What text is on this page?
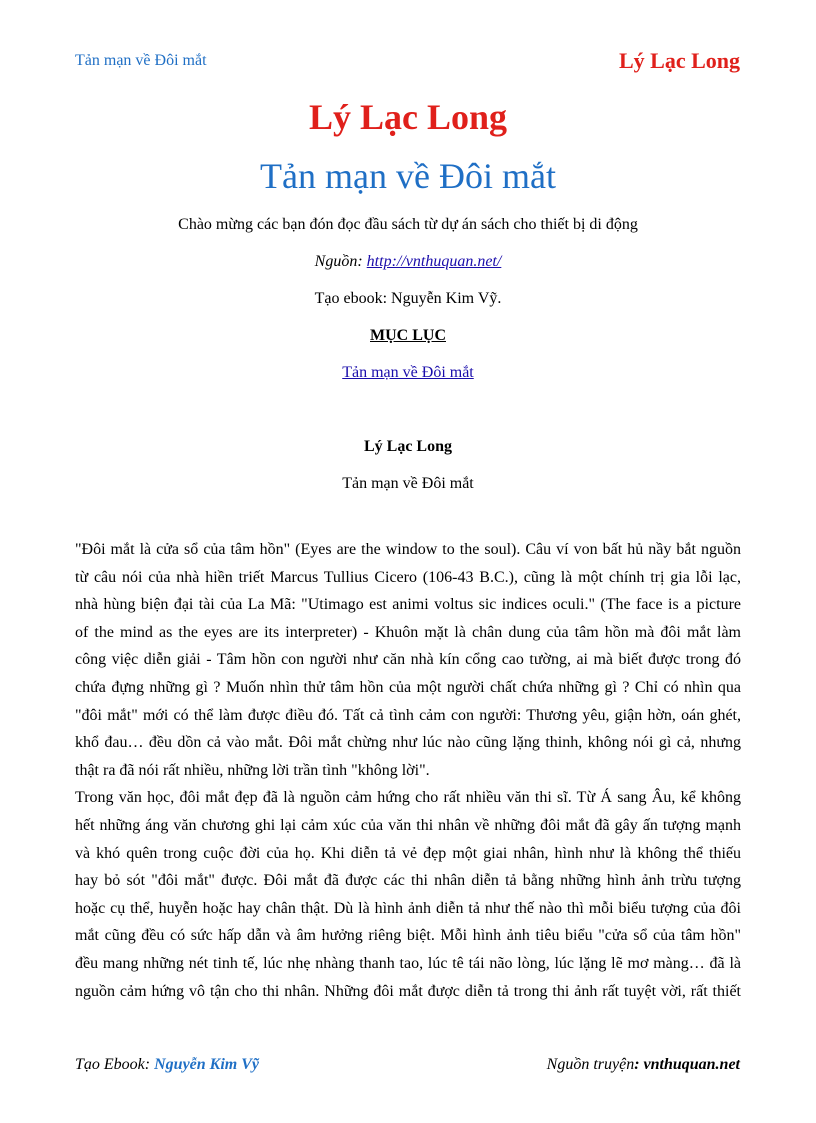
Tản mạn về Đôi mắt	Lý Lạc Long
Lý Lạc Long
Tản mạn về Đôi mắt
Chào mừng các bạn đón đọc đầu sách từ dự án sách cho thiết bị di động
Nguồn: http://vnthuquan.net/
Tạo ebook: Nguyễn Kim Vỹ.
MỤC LỤC
Tản mạn về Đôi mắt
Lý Lạc Long
Tản mạn về Đôi mắt

"Đôi mắt là cửa sổ của tâm hồn" (Eyes are the window to the soul). Câu ví von bất hủ nầy bắt nguồn
từ câu nói của nhà hiền triết Marcus Tullius Cicero (106-43 B.C.), cũng là một chính trị gia lỗi lạc,
nhà hùng biện đại tài của La Mã: "Utimago est animi voltus sic indices oculi." (The face is a picture
of the mind as the eyes are its interpreter) - Khuôn mặt là chân dung của tâm hồn mà đôi mắt làm
công việc diễn giải - Tâm hồn con người như căn nhà kín cổng cao tường, ai mà biết được trong đó
chứa đựng những gì ? Muốn nhìn thử tâm hồn của một người chất chứa những gì ? Chỉ có nhìn qua
"đôi mắt" mới có thể làm được điều đó. Tất cả tình cảm con người: Thương yêu, giận hờn, oán ghét,
khổ đau… đều dồn cả vào mắt. Đôi mắt chừng như lúc nào cũng lặng thinh, không nói gì cả, nhưng
thật ra đã nói rất nhiều, những lời trần tình "không lời".

Trong văn học, đôi mắt đẹp đã là nguồn cảm hứng cho rất nhiều văn thi sĩ. Từ Á sang Âu, kể không
hết những áng văn chương ghi lại cảm xúc của văn thi nhân về những đôi mắt đã gây ấn tượng mạnh
và khó quên trong cuộc đời của họ. Khi diễn tả vẻ đẹp một giai nhân, hình như là không thể thiếu
hay bỏ sót "đôi mắt" được. Đôi mắt đã được các thi nhân diễn tả bằng những hình ảnh trừu tượng
hoặc cụ thể, huyễn hoặc hay chân thật. Dù là hình ảnh diễn tả như thế nào thì mỗi biểu tượng của đôi
mắt cũng đều có sức hấp dẫn và âm hưởng riêng biệt. Mỗi hình ảnh tiêu biểu "cửa sổ của tâm hồn"
đều mang những nét tinh tế, lúc nhẹ nhàng thanh tao, lúc tê tái não lòng, lúc lặng lẽ mơ màng… đã là
nguồn cảm hứng vô tận cho thi nhân. Những đôi mắt được diễn tả trong thi ảnh rất tuyệt vời, rất thiết

Tạo Ebook: Nguyễn Kim Vỹ	Nguồn truyện: vnthuquan.net
